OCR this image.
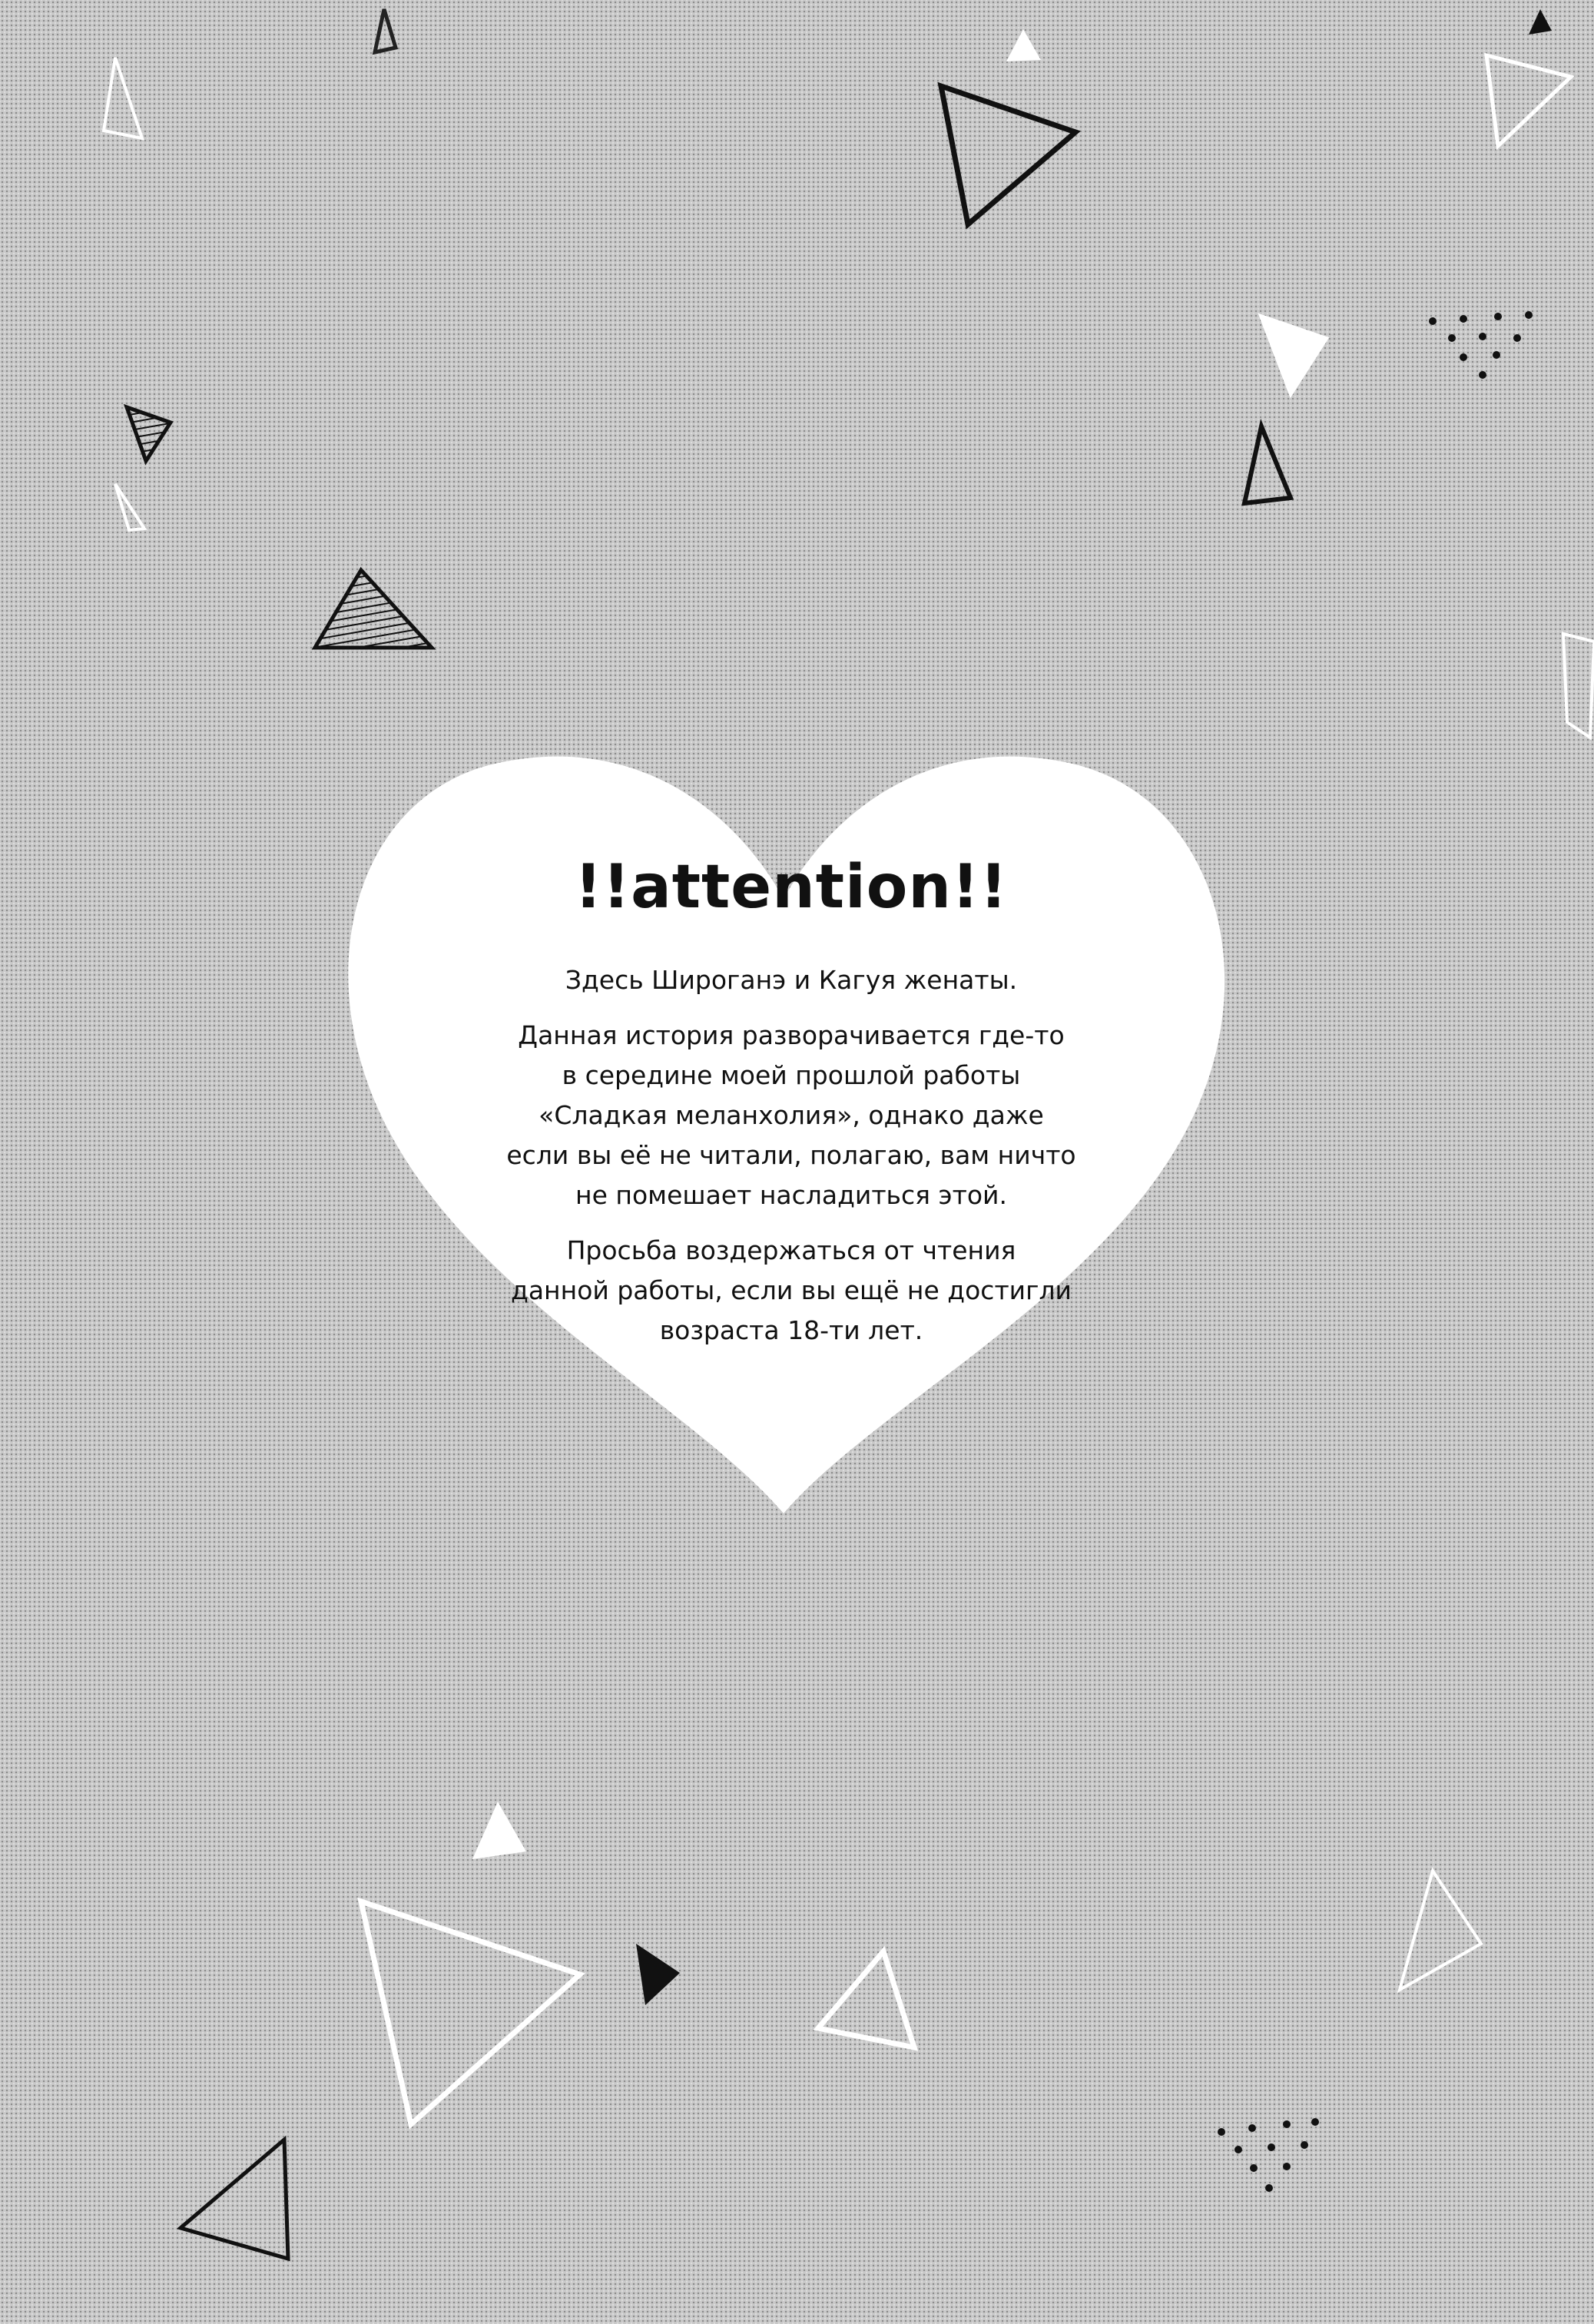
!!attention!!
Здесь Широганэ и Кагуя женаты.
Данная история разворачивается где-то
в середине моей прошлой работы
«Сладкая меланхолия», однако даже
если вы её не читали, полагаю, вам ничто
не помешает насладиться этой.
Просьба воздержаться от чтения
данной работы, если вы ещё не достигли
возраста 18-ти лет.
